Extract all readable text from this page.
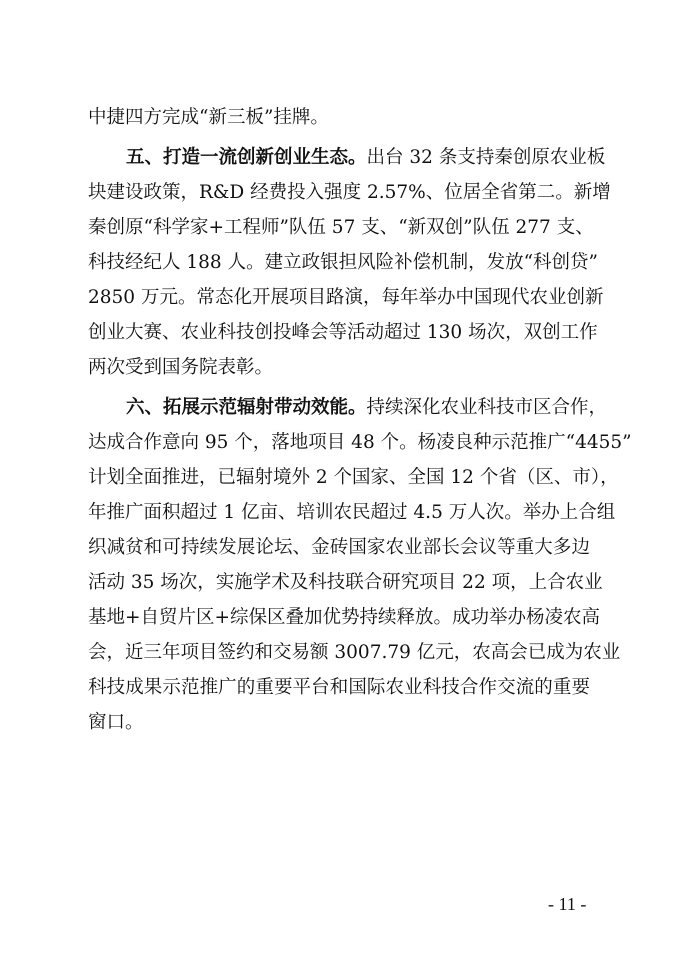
中捷四方完成“新三板”挂牌。
五、打造一流创新创业生态。出台 32 条支持秦创原农业板
块建设政策，R&D 经费投入强度 2.57%、位居全省第二。新增
秦创原“科学家+工程师”队伍 57 支、“新双创”队伍 277 支、
科技经纪人 188 人。建立政银担风险补偿机制，发放“科创贷”
2850 万元。常态化开展项目路演，每年举办中国现代农业创新
创业大赛、农业科技创投峰会等活动超过 130 场次，双创工作
两次受到国务院表彰。
六、拓展示范辐射带动效能。持续深化农业科技市区合作，
达成合作意向 95 个，落地项目 48 个。杨凌良种示范推广“4455”
计划全面推进，已辐射境外 2 个国家、全国 12 个省（区、市），
年推广面积超过 1 亿亩、培训农民超过 4.5 万人次。举办上合组
织减贫和可持续发展论坛、金砖国家农业部长会议等重大多边
活动 35 场次，实施学术及科技联合研究项目 22 项，上合农业
基地+自贸片区+综保区叠加优势持续释放。成功举办杨凌农高
会，近三年项目签约和交易额 3007.79 亿元，农高会已成为农业
科技成果示范推广的重要平台和国际农业科技合作交流的重要
窗口。
- 11 -
